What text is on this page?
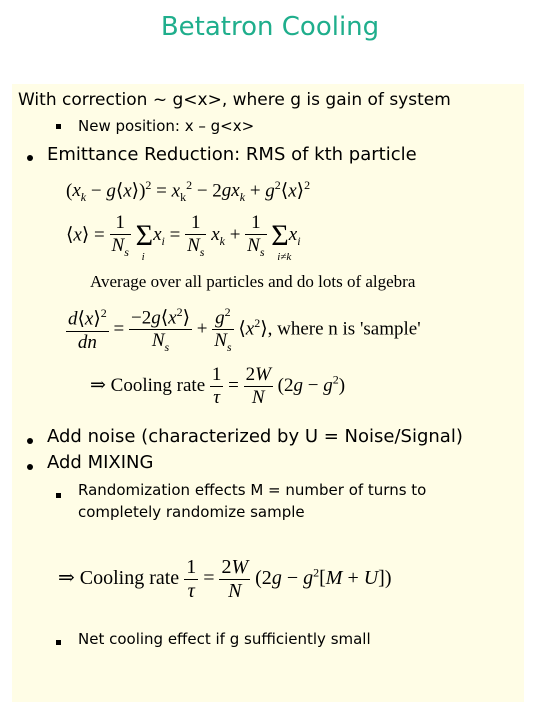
Betatron Cooling
With correction ~ g<x>, where g is gain of system
New position: x – g<x>
Emittance Reduction: RMS of kth particle
($x_k$ − g⟨x⟩)$^2$ = $x_k^2 - 2gx_k$ + $g^2⟨x⟩^2$
⟨x⟩ = $\frac{1}{N_s}$ Σ
i
$x_i = \frac{1}{N_s} x_k + \frac{1}{N_s}$ Σ
i≠k
$x_i$
Average over all particles and do lots of algebra
$\frac{d⟨x⟩^2}{dn} = \frac{-2g⟨x^2⟩}{N_s} + \frac{g^2}{N_s}$ $⟨x^2⟩$, where n is 'sample'
⇒ Cooling rate $\frac{1}{\tau} = \frac{2W}{N} (2g - g^2)$
Add noise (characterized by U = Noise/Signal)
Add MIXING
Randomization effects M = number of turns to
completely randomize sample
⇒ Cooling rate $\frac{1}{\tau} = \frac{2W}{N} (2g - g^2[M + U])$
Net cooling effect if g sufficiently small
